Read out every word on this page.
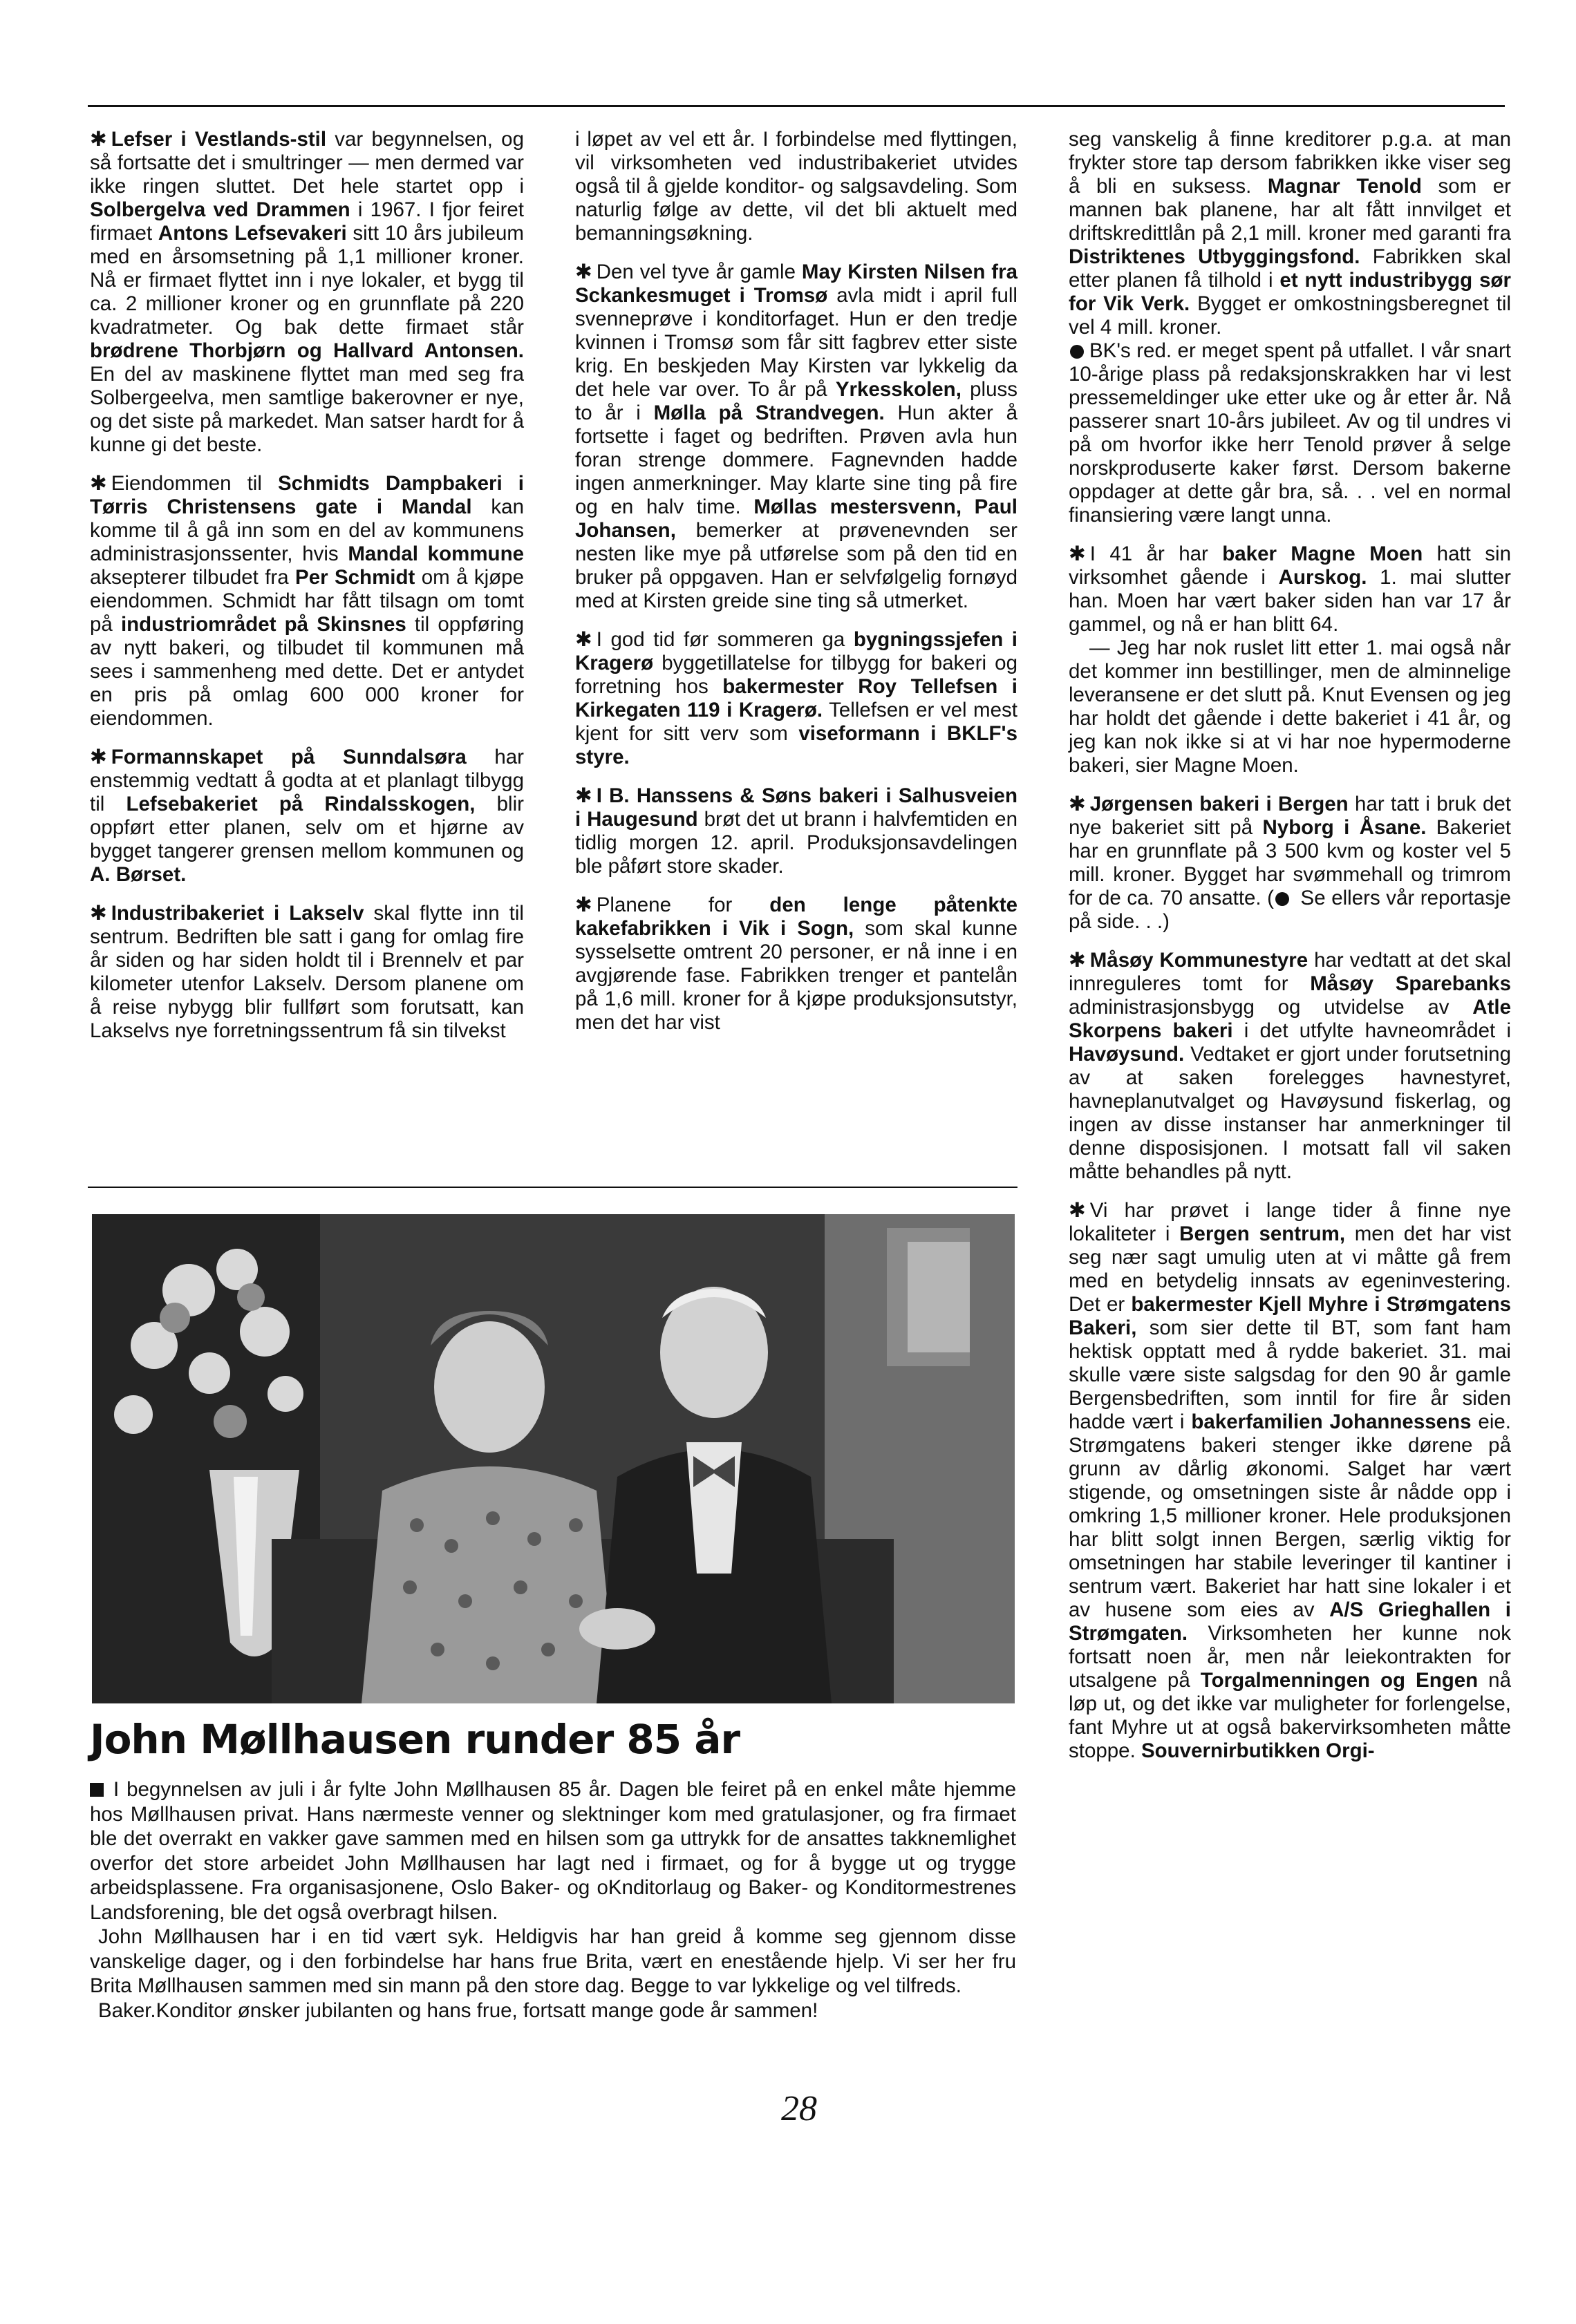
✱ Lefser i Vestlands-stil var begynnelsen, og så fortsatte det i smultringer — men dermed var ikke ringen sluttet. Det hele startet opp i Solbergelva ved Drammen i 1967. I fjor feiret firmaet Antons Lefsevakeri sitt 10 års jubileum med en årsomsetning på 1,1 millioner kroner. Nå er firmaet flyttet inn i nye lokaler, et bygg til ca. 2 millioner kroner og en grunnflate på 220 kvadratmeter. Og bak dette firmaet står brødrene Thorbjørn og Hallvard Antonsen. En del av maskinene flyttet man med seg fra Solbergeelva, men samtlige bakerovner er nye, og det siste på markedet. Man satser hardt for å kunne gi det beste.

✱ Eiendommen til Schmidts Dampbakeri i Tørris Christensens gate i Mandal kan komme til å gå inn som en del av kommunens administrasjonssenter, hvis Mandal kommune aksepterer tilbudet fra Per Schmidt om å kjøpe eiendommen. Schmidt har fått tilsagn om tomt på industriområdet på Skinsnes til oppføring av nytt bakeri, og tilbudet til kommunen må sees i sammenheng med dette. Det er antydet en pris på omlag 600 000 kroner for eiendommen.

✱ Formannskapet på Sunndalsøra har enstemmig vedtatt å godta at et planlagt tilbygg til Lefsebakeriet på Rindalsskogen, blir oppført etter planen, selv om et hjørne av bygget tangerer grensen mellom kommunen og A. Børset.

✱ Industribakeriet i Lakselv skal flytte inn til sentrum. Bedriften ble satt i gang for omlag fire år siden og har siden holdt til i Brennelv et par kilometer utenfor Lakselv. Dersom planene om å reise nybygg blir fullført som forutsatt, kan Lakselvs nye forretningssentrum få sin tilvekst

i løpet av vel ett år. I forbindelse med flyttingen, vil virksomheten ved industribakeriet utvides også til å gjelde konditor- og salgsavdeling. Som naturlig følge av dette, vil det bli aktuelt med bemanningsøkning.

✱ Den vel tyve år gamle May Kirsten Nilsen fra Sckankesmuget i Tromsø avla midt i april full svenneprøve i konditorfaget. Hun er den tredje kvinnen i Tromsø som får sitt fagbrev etter siste krig. En beskjeden May Kirsten var lykkelig da det hele var over. To år på Yrkesskolen, pluss to år i Mølla på Strandvegen. Hun akter å fortsette i faget og bedriften. Prøven avla hun foran strenge dommere. Fagnevnden hadde ingen anmerkninger. May klarte sine ting på fire og en halv time. Møllas mestersvenn, Paul Johansen, bemerker at prøvenevnden ser nesten like mye på utførelse som på den tid en bruker på oppgaven. Han er selvfølgelig fornøyd med at Kirsten greide sine ting så utmerket.

✱ I god tid før sommeren ga bygningssjefen i Kragerø byggetillatelse for tilbygg for bakeri og forretning hos bakermester Roy Tellefsen i Kirkegaten 119 i Kragerø. Tellefsen er vel mest kjent for sitt verv som viseformann i BKLF's styre.

✱ I B. Hanssens & Søns bakeri i Salhusveien i Haugesund brøt det ut brann i halvfemtiden en tidlig morgen 12. april. Produksjonsavdelingen ble påført store skader.

✱ Planene for den lenge påtenkte kakefabrikken i Vik i Sogn, som skal kunne sysselsette omtrent 20 personer, er nå inne i en avgjørende fase. Fabrikken trenger et pantelån på 1,6 mill. kroner for å kjøpe produksjonsutstyr, men det har vist

seg vanskelig å finne kreditorer p.g.a. at man frykter store tap dersom fabrikken ikke viser seg å bli en suksess. Magnar Tenold som er mannen bak planene, har alt fått innvilget et driftskredittlån på 2,1 mill. kroner med garanti fra Distriktenes Utbyggingsfond. Fabrikken skal etter planen få tilhold i et nytt industribygg sør for Vik Verk. Bygget er omkostningsberegnet til vel 4 mill. kroner.

BK's red. er meget spent på utfallet. I vår snart 10-årige plass på redaksjonskrakken har vi lest pressemeldinger uke etter uke og år etter år. Nå passerer snart 10-års jubileet. Av og til undres vi på om hvorfor ikke herr Tenold prøver å selge norskproduserte kaker først. Dersom bakerne oppdager at dette går bra, så. . . vel en normal finansiering være langt unna.

✱ I 41 år har baker Magne Moen hatt sin virksomhet gående i Aurskog. 1. mai slutter han. Moen har vært baker siden han var 17 år gammel, og nå er han blitt 64.

— Jeg har nok ruslet litt etter 1. mai også når det kommer inn bestillinger, men de alminnelige leveransene er det slutt på. Knut Evensen og jeg har holdt det gående i dette bakeriet i 41 år, og jeg kan nok ikke si at vi har noe hypermoderne bakeri, sier Magne Moen.

✱ Jørgensen bakeri i Bergen har tatt i bruk det nye bakeriet sitt på Nyborg i Åsane. Bakeriet har en grunnflate på 3 500 kvm og koster vel 5 mill. kroner. Bygget har svømmehall og trimrom for de ca. 70 ansatte. ( Se ellers vår reportasje på side. . .)

✱ Måsøy Kommunestyre har vedtatt at det skal innreguleres tomt for Måsøy Sparebanks administrasjonsbygg og utvidelse av Atle Skorpens bakeri i det utfylte havneområdet i Havøysund. Vedtaket er gjort under forutsetning av at saken forelegges havnestyret, havneplanutvalget og Havøysund fiskerlag, og ingen av disse instanser har anmerkninger til denne disposisjonen. I motsatt fall vil saken måtte behandles på nytt.

✱ Vi har prøvet i lange tider å finne nye lokaliteter i Bergen sentrum, men det har vist seg nær sagt umulig uten at vi måtte gå frem med en betydelig innsats av egeninvestering. Det er bakermester Kjell Myhre i Strømgatens Bakeri, som sier dette til BT, som fant ham hektisk opptatt med å rydde bakeriet. 31. mai skulle være siste salgsdag for den 90 år gamle Bergensbedriften, som inntil for fire år siden hadde vært i bakerfamilien Johannessens eie. Strømgatens bakeri stenger ikke dørene på grunn av dårlig økonomi. Salget har vært stigende, og omsetningen siste år nådde opp i omkring 1,5 millioner kroner. Hele produksjonen har blitt solgt innen Bergen, særlig viktig for omsetningen har stabile leveringer til kantiner i sentrum vært. Bakeriet har hatt sine lokaler i et av husene som eies av A/S Grieghallen i Strømgaten. Virksomheten her kunne nok fortsatt noen år, men når leiekontrakten for utsalgene på Torgalmenningen og Engen nå løp ut, og det ikke var muligheter for forlengelse, fant Myhre ut at også bakervirksomheten måtte stoppe. Souvernirbutikken Orgi-

John Møllhausen runder 85 år

I begynnelsen av juli i år fylte John Møllhausen 85 år. Dagen ble feiret på en enkel måte hjemme hos Møllhausen privat. Hans nærmeste venner og slektninger kom med gratulasjoner, og fra firmaet ble det overrakt en vakker gave sammen med en hilsen som ga uttrykk for de ansattes takknemlighet overfor det store arbeidet John Møllhausen har lagt ned i firmaet, og for å bygge ut og trygge arbeidsplassene. Fra organisasjonene, Oslo Baker- og oKnditorlaug og Baker- og Konditormestrenes Landsforening, ble det også overbragt hilsen.

John Møllhausen har i en tid vært syk. Heldigvis har han greid å komme seg gjennom disse vanskelige dager, og i den forbindelse har hans frue Brita, vært en enestående hjelp. Vi ser her fru Brita Møllhausen sammen med sin mann på den store dag. Begge to var lykkelige og vel tilfreds.

Baker.Konditor ønsker jubilanten og hans frue, fortsatt mange gode år sammen!

28
